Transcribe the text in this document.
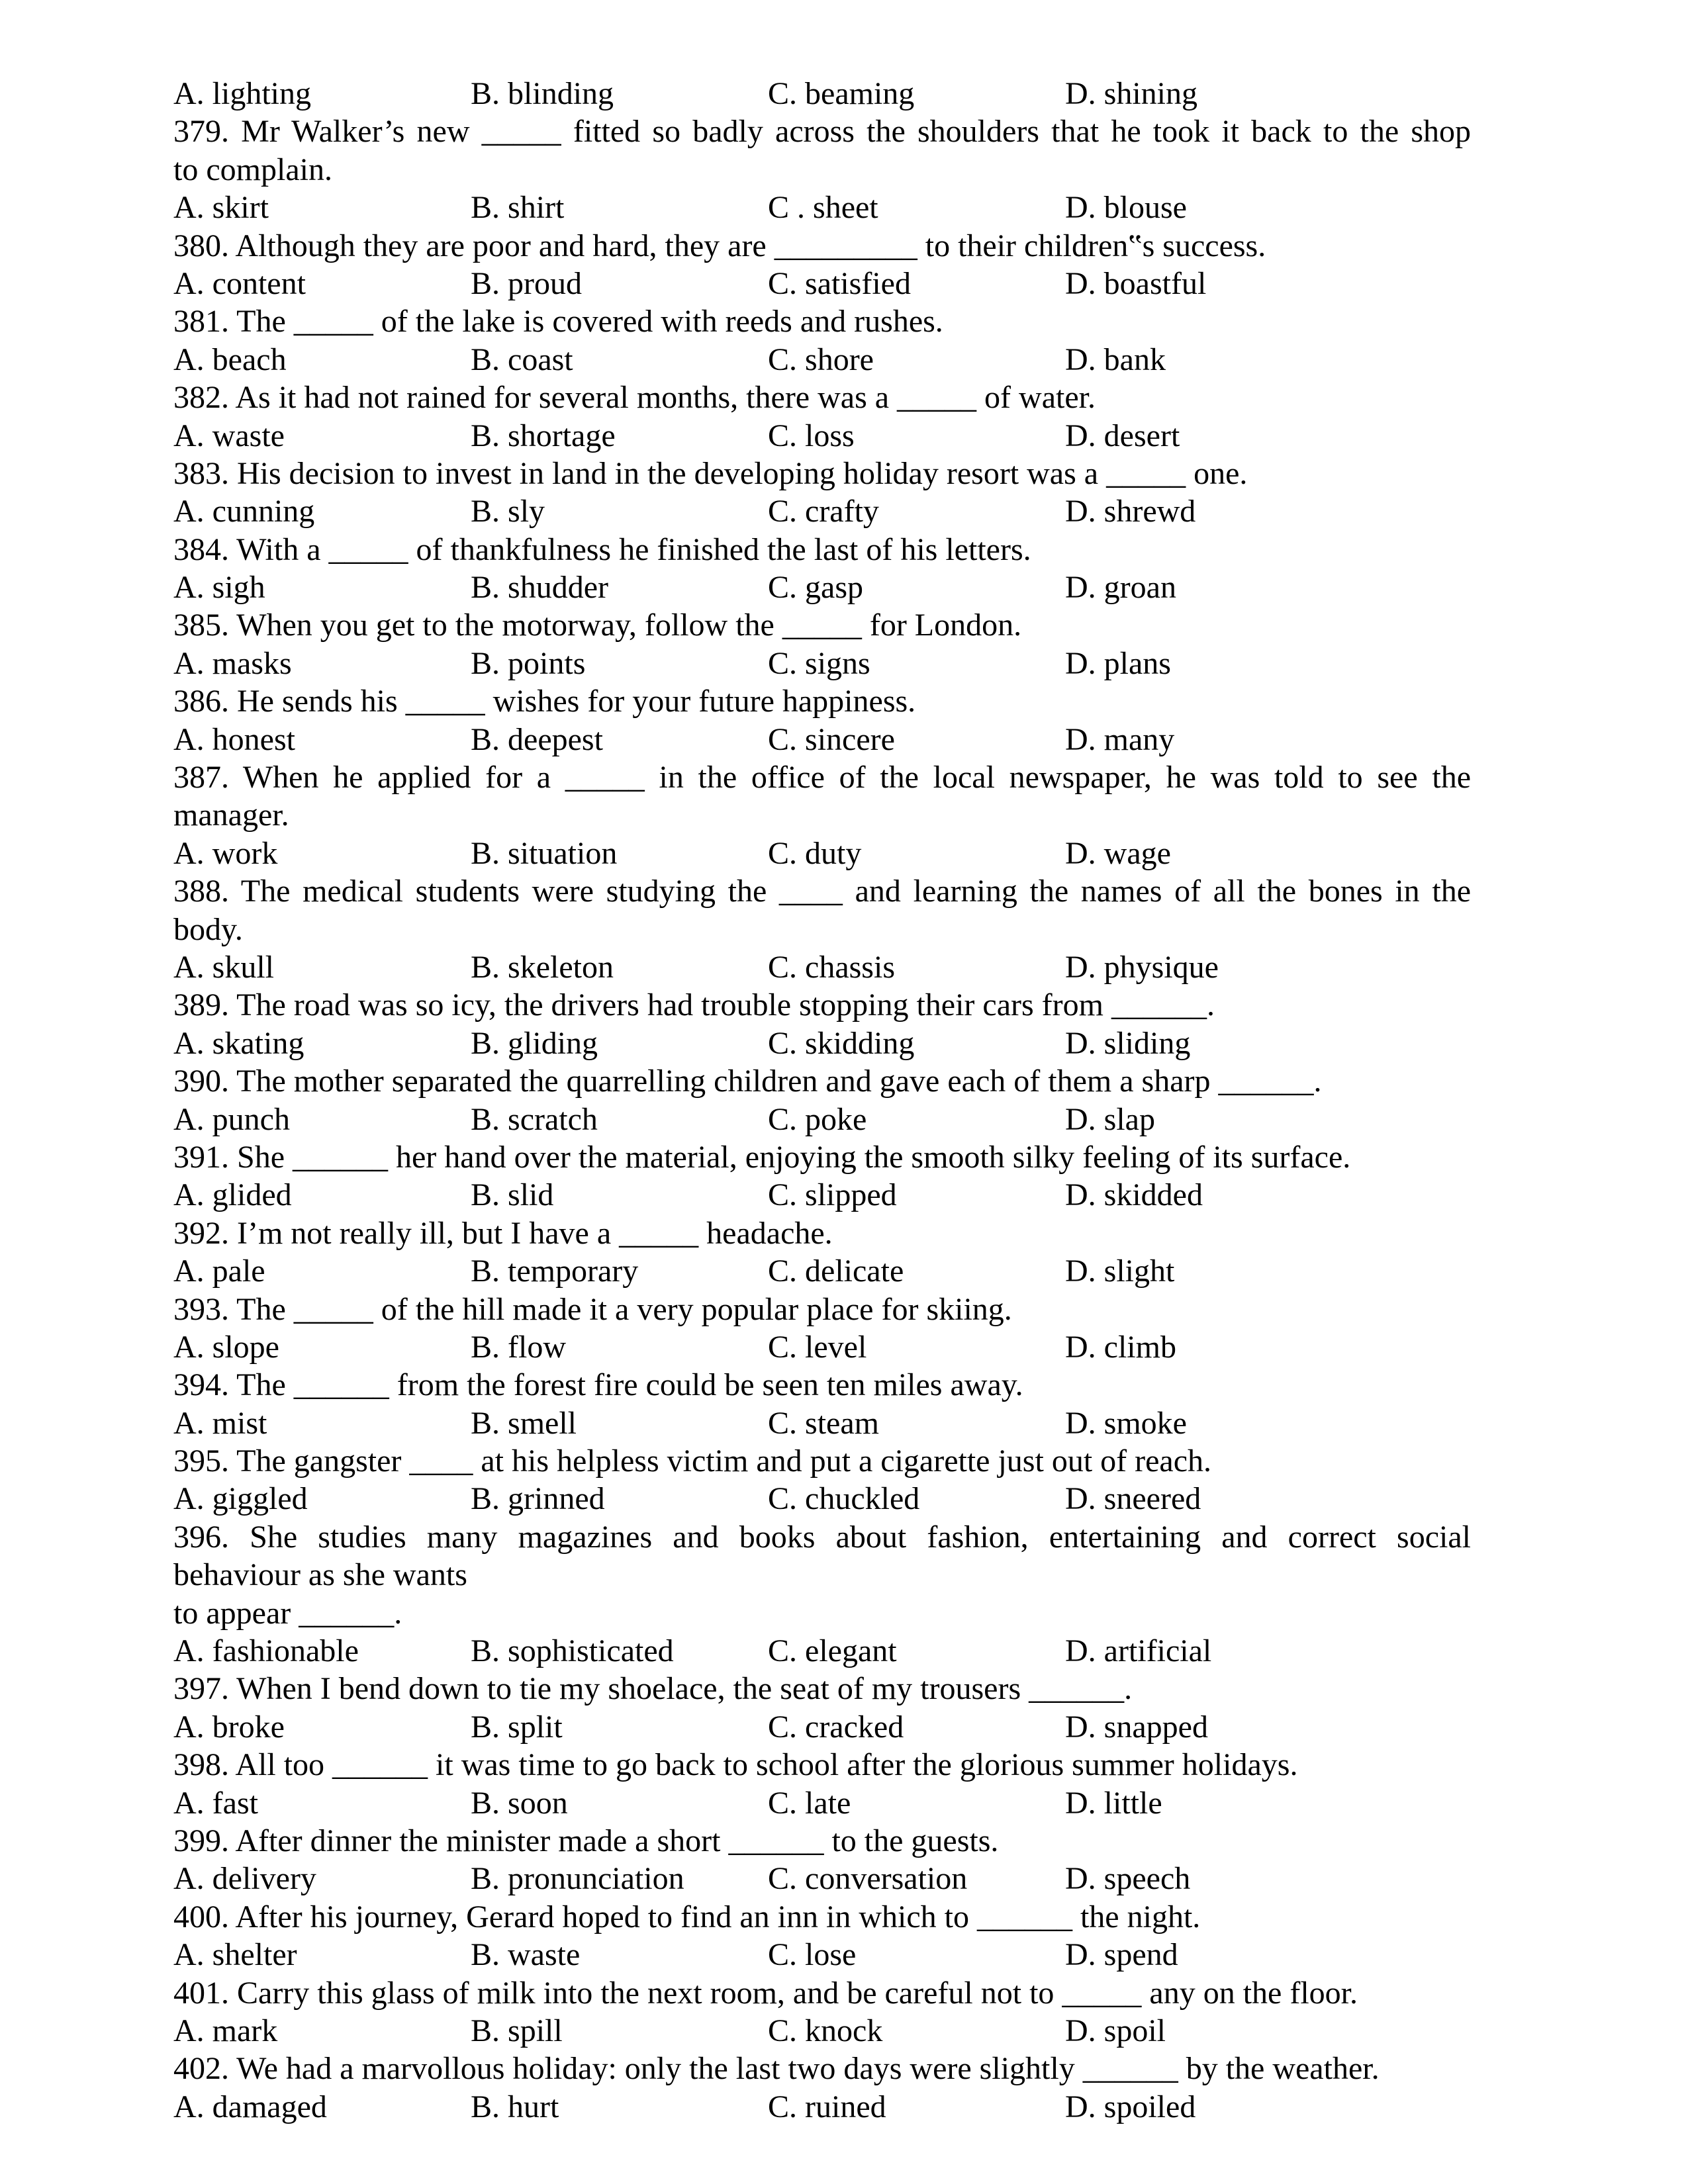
A. lighting	B. blinding	C. beaming	D. shining
379. Mr Walker’s new _____ fitted so badly across the shoulders that he took it back to the shop
to complain.
A. skirt	B. shirt	C . sheet	D. blouse
380. Although they are poor and hard, they are _________ to their children‟s success.
A. content	B. proud	C. satisfied	D. boastful
381. The _____ of the lake is covered with reeds and rushes.
A. beach	B. coast	C. shore	D. bank
382. As it had not rained for several months, there was a _____ of water.
A. waste	B. shortage	C. loss	D. desert
383. His decision to invest in land in the developing holiday resort was a _____ one.
A. cunning	B. sly	C. crafty	D. shrewd
384. With a _____ of thankfulness he finished the last of his letters.
A. sigh	B. shudder	C. gasp	D. groan
385. When you get to the motorway, follow the _____ for London.
A. masks	B. points	C. signs	D. plans
386. He sends his _____ wishes for your future happiness.
A. honest	B. deepest	C. sincere	D. many
387. When he applied for a _____ in the office of the local newspaper, he was told to see the
manager.
A. work	B. situation	C. duty	D. wage
388. The medical students were studying the ____ and learning the names of all the bones in the
body.
A. skull	B. skeleton	C. chassis	D. physique
389. The road was so icy, the drivers had trouble stopping their cars from ______.
A. skating	B. gliding	C. skidding	D. sliding
390. The mother separated the quarrelling children and gave each of them a sharp ______.
A. punch	B. scratch	C. poke	D. slap
391. She ______ her hand over the material, enjoying the smooth silky feeling of its surface.
A. glided	B. slid	C. slipped	D. skidded
392. I’m not really ill, but I have a _____ headache.
A. pale	B. temporary	C. delicate	D. slight
393. The _____ of the hill made it a very popular place for skiing.
A. slope	B. flow	C. level	D. climb
394. The ______ from the forest fire could be seen ten miles away.
A. mist	B. smell	C. steam	D. smoke
395. The gangster ____ at his helpless victim and put a cigarette just out of reach.
A. giggled	B. grinned	C. chuckled	D. sneered
396. She studies many magazines and books about fashion, entertaining and correct social
behaviour as she wants
to appear ______.
A. fashionable	B. sophisticated	C. elegant	D. artificial
397. When I bend down to tie my shoelace, the seat of my trousers ______.
A. broke	B. split	C. cracked	D. snapped
398. All too ______ it was time to go back to school after the glorious summer holidays.
A. fast	B. soon	C. late	D. little
399. After dinner the minister made a short ______ to the guests.
A. delivery	B. pronunciation	C. conversation	D. speech
400. After his journey, Gerard hoped to find an inn in which to ______ the night.
A. shelter	B. waste	C. lose	D. spend
401. Carry this glass of milk into the next room, and be careful not to _____ any on the floor.
A. mark	B. spill	C. knock	D. spoil
402. We had a marvollous holiday: only the last two days were slightly ______ by the weather.
A. damaged	B. hurt	C. ruined	D. spoiled
